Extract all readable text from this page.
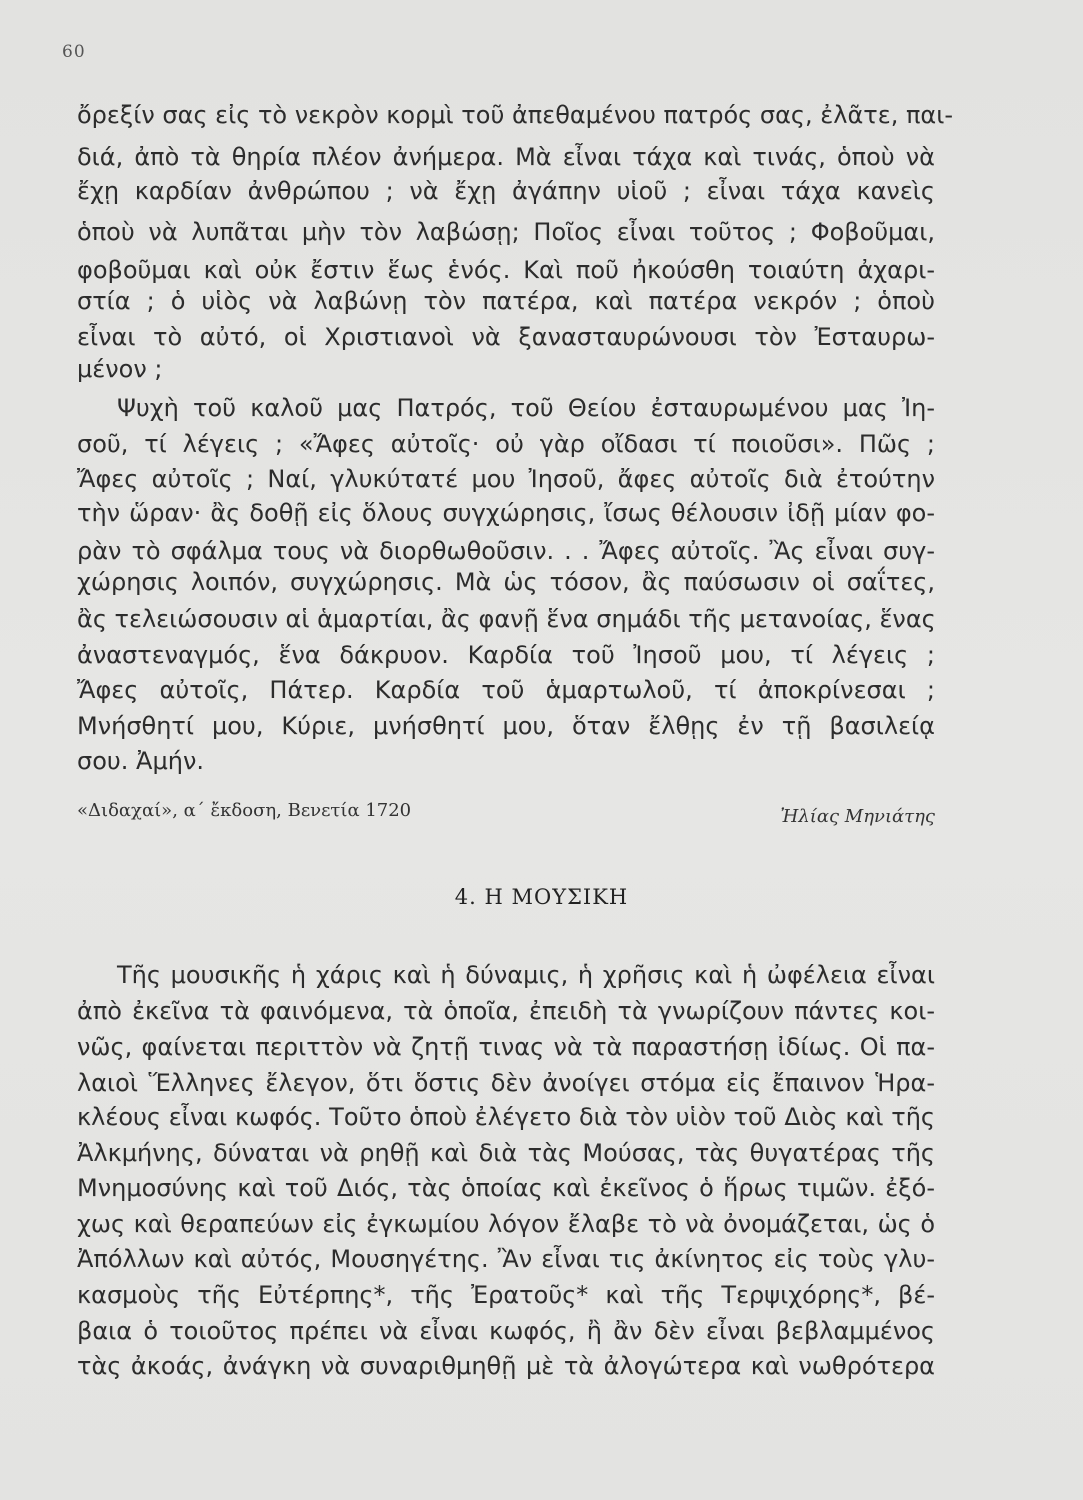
60
ὄρεξίν σας εἰς τὸ νεκρὸν κορμὶ τοῦ ἀπεθαμένου πατρός σας, ἐλᾶτε, παι-
διά, ἀπὸ τὰ θηρία πλέον ἀνήμερα. Μὰ εἶναι τάχα καὶ τινάς, ὁποὺ νὰ
ἔχῃ καρδίαν ἀνθρώπου ; νὰ ἔχῃ ἀγάπην υἱοῦ ; εἶναι τάχα κανεὶς
ὁποὺ νὰ λυπᾶται μὴν τὸν λαβώσῃ; Ποῖος εἶναι τοῦτος ; Φοβοῦμαι,
φοβοῦμαι καὶ οὐκ ἔστιν ἕως ἑνός. Καὶ ποῦ ἠκούσθη τοιαύτη ἀχαρι-
στία ; ὁ υἱὸς νὰ λαβώνῃ τὸν πατέρα, καὶ πατέρα νεκρόν ; ὁποὺ
εἶναι τὸ αὐτό, οἱ Χριστιανοὶ νὰ ξανασταυρώνουσι τὸν Ἐσταυρω-
μένον ;
Ψυχὴ τοῦ καλοῦ μας Πατρός, τοῦ Θείου ἐσταυρωμένου μας Ἰη-
σοῦ, τί λέγεις ; «Ἄφες αὐτοῖς· οὐ γὰρ οἴδασι τί ποιοῦσι». Πῶς ;
Ἄφες αὐτοῖς ; Ναί, γλυκύτατέ μου Ἰησοῦ, ἄφες αὐτοῖς διὰ ἐτούτην
τὴν ὥραν· ἂς δοθῇ εἰς ὅλους συγχώρησις, ἴσως θέλουσιν ἰδῇ μίαν φο-
ρὰν τὸ σφάλμα τους νὰ διορθωθοῦσιν. . . Ἄφες αὐτοῖς. Ἂς εἶναι συγ-
χώρησις λοιπόν, συγχώρησις. Μὰ ὡς τόσον, ἂς παύσωσιν οἱ σαΐτες,
ἂς τελειώσουσιν αἱ ἁμαρτίαι, ἂς φανῇ ἕνα σημάδι τῆς μετανοίας, ἕνας
ἀναστεναγμός, ἕνα δάκρυον. Καρδία τοῦ Ἰησοῦ μου, τί λέγεις ;
Ἄφες αὐτοῖς, Πάτερ. Καρδία τοῦ ἁμαρτωλοῦ, τί ἀποκρίνεσαι ;
Μνήσθητί μου, Κύριε, μνήσθητί μου, ὅταν ἔλθῃς ἐν τῇ βασιλείᾳ
σου. Ἀμήν.
«Διδαχαί», α΄ ἔκδοση, Βενετία 1720	Ἠλίας Μηνιάτης
4. Η ΜΟΥΣΙΚΗ
Τῆς μουσικῆς ἡ χάρις καὶ ἡ δύναμις, ἡ χρῆσις καὶ ἡ ὠφέλεια εἶναι
ἀπὸ ἐκεῖνα τὰ φαινόμενα, τὰ ὁποῖα, ἐπειδὴ τὰ γνωρίζουν πάντες κοι-
νῶς, φαίνεται περιττὸν νὰ ζητῇ τινας νὰ τὰ παραστήσῃ ἰδίως. Οἱ πα-
λαιοὶ Ἕλληνες ἔλεγον, ὅτι ὅστις δὲν ἀνοίγει στόμα εἰς ἔπαινον Ἡρα-
κλέους εἶναι κωφός. Τοῦτο ὁποὺ ἐλέγετο διὰ τὸν υἱὸν τοῦ Διὸς καὶ τῆς
Ἀλκμήνης, δύναται νὰ ρηθῇ καὶ διὰ τὰς Μούσας, τὰς θυγατέρας τῆς
Μνημοσύνης καὶ τοῦ Διός, τὰς ὁποίας καὶ ἐκεῖνος ὁ ἥρως τιμῶν. ἐξό-
χως καὶ θεραπεύων εἰς ἐγκωμίου λόγον ἔλαβε τὸ νὰ ὀνομάζεται, ὡς ὁ
Ἀπόλλων καὶ αὐτός, Μουσηγέτης. Ἂν εἶναι τις ἀκίνητος εἰς τοὺς γλυ-
κασμοὺς τῆς Εὐτέρπης*, τῆς Ἐρατοῦς* καὶ τῆς Τερψιχόρης*, βέ-
βαια ὁ τοιοῦτος πρέπει νὰ εἶναι κωφός, ἢ ἂν δὲν εἶναι βεβλαμμένος
τὰς ἀκοάς, ἀνάγκη νὰ συναριθμηθῇ μὲ τὰ ἀλογώτερα καὶ νωθρότερα
